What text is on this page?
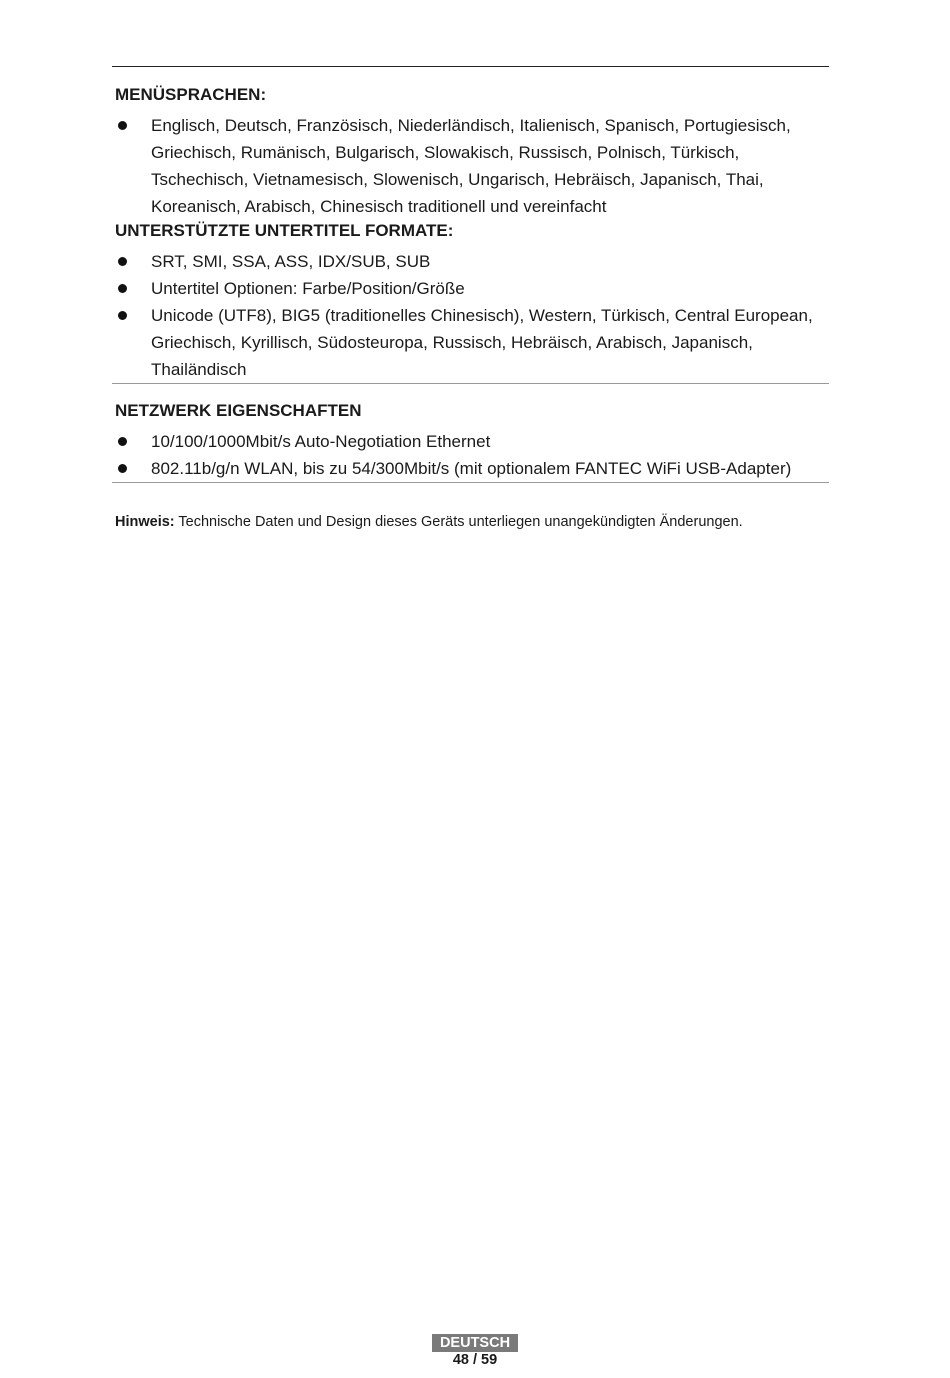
MENÜSPRACHEN:
Englisch, Deutsch, Französisch, Niederländisch, Italienisch, Spanisch, Portugiesisch, Griechisch, Rumänisch, Bulgarisch, Slowakisch, Russisch, Polnisch, Türkisch, Tschechisch, Vietnamesisch, Slowenisch, Ungarisch, Hebräisch, Japanisch, Thai, Koreanisch, Arabisch, Chinesisch traditionell und vereinfacht
UNTERSTÜTZTE UNTERTITEL FORMATE:
SRT, SMI, SSA, ASS, IDX/SUB, SUB
Untertitel Optionen: Farbe/Position/Größe
Unicode (UTF8), BIG5 (traditionelles Chinesisch), Western, Türkisch, Central European, Griechisch, Kyrillisch, Südosteuropa, Russisch, Hebräisch, Arabisch, Japanisch, Thailändisch
NETZWERK EIGENSCHAFTEN
10/100/1000Mbit/s Auto-Negotiation Ethernet
802.11b/g/n WLAN, bis zu 54/300Mbit/s (mit optionalem FANTEC WiFi USB-Adapter)
Hinweis: Technische Daten und Design dieses Geräts unterliegen unangekündigten Änderungen.
DEUTSCH
48 / 59
